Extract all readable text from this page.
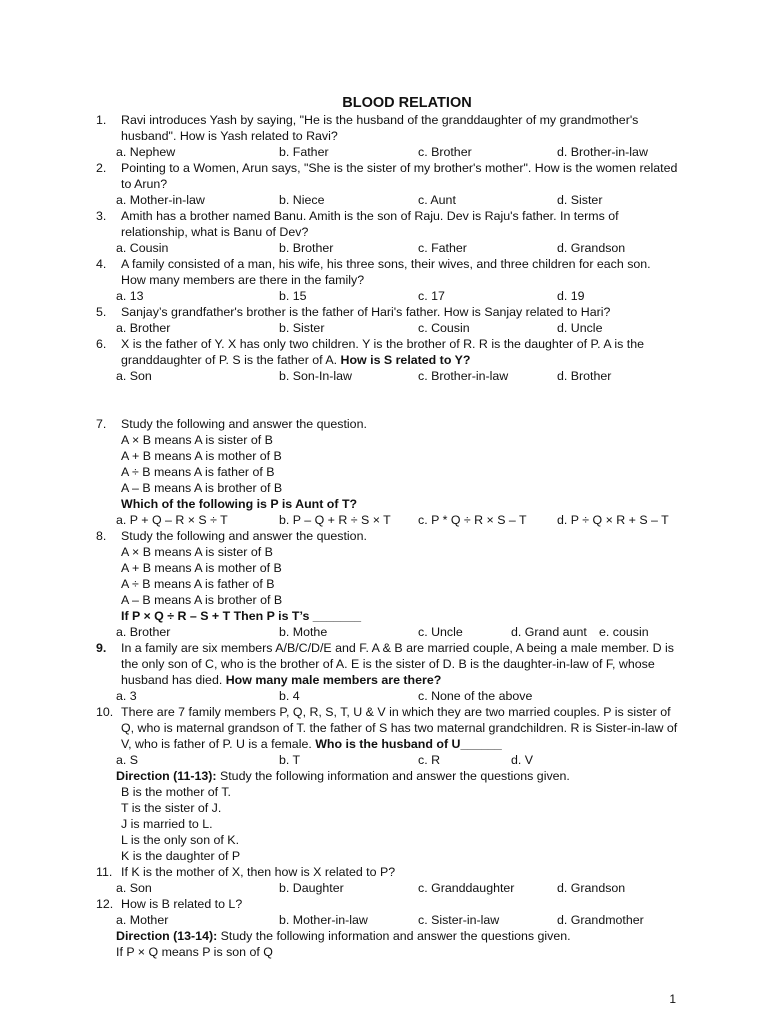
BLOOD RELATION
1. Ravi introduces Yash by saying, "He is the husband of the granddaughter of my grandmother's husband". How is Yash related to Ravi?
a. Nephew	b. Father	c. Brother	d. Brother-in-law
2. Pointing to a Women, Arun says, "She is the sister of my brother's mother". How is the women related to Arun?
a. Mother-in-law	b. Niece	c. Aunt	d. Sister
3. Amith has a brother named Banu. Amith is the son of Raju. Dev is Raju's father. In terms of relationship, what is Banu of Dev?
a. Cousin	b. Brother	c. Father	d. Grandson
4. A family consisted of a man, his wife, his three sons, their wives, and three children for each son. How many members are there in the family?
a. 13	b. 15	c. 17	d. 19
5. Sanjay’s grandfather's brother is the father of Hari's father. How is Sanjay related to Hari?
a. Brother	b. Sister	c. Cousin	d. Uncle
6. X is the father of Y. X has only two children. Y is the brother of R. R is the daughter of P. A is the granddaughter of P. S is the father of A. How is S related to Y?
a. Son	b. Son-In-law	c. Brother-in-law	d. Brother
7. Study the following and answer the question.
A × B means A is sister of B
A + B means A is mother of B
A ÷ B means A is father of B
A – B means A is brother of B
Which of the following is P is Aunt of T?
a. P + Q – R × S ÷ T	b. P – Q + R ÷ S × T c. P * Q ÷ R × S – T d. P ÷ Q × R + S – T
8. Study the following and answer the question.
A × B means A is sister of B
A + B means A is mother of B
A ÷ B means A is father of B
A – B means A is brother of B
If P × Q ÷ R – S + T Then P is T’s _______
a. Brother	b. Mothe	c. Uncle	d. Grand aunt e. cousin
9. In a family are six members A/B/C/D/E and F. A & B are married couple, A being a male member. D is the only son of C, who is the brother of A. E is the sister of D. B is the daughter-in-law of F, whose husband has died. How many male members are there?
a. 3	b. 4	c. None of the above
10. There are 7 family members P, Q, R, S, T, U & V in which they are two married couples. P is sister of Q, who is maternal grandson of T. the father of S has two maternal grandchildren. R is Sister-in-law of V, who is father of P. U is a female. Who is the husband of U______
a. S	b. T	c. R	d. V
Direction (11-13): Study the following information and answer the questions given.
B is the mother of T.
T is the sister of J.
J is married to L.
L is the only son of K.
K is the daughter of P
11. If K is the mother of X, then how is X related to P?
a. Son	b. Daughter	c. Granddaughter	d. Grandson
12. How is B related to L?
a. Mother	b. Mother-in-law	c. Sister-in-law	d. Grandmother
Direction (13-14): Study the following information and answer the questions given.
If P × Q means P is son of Q
1
